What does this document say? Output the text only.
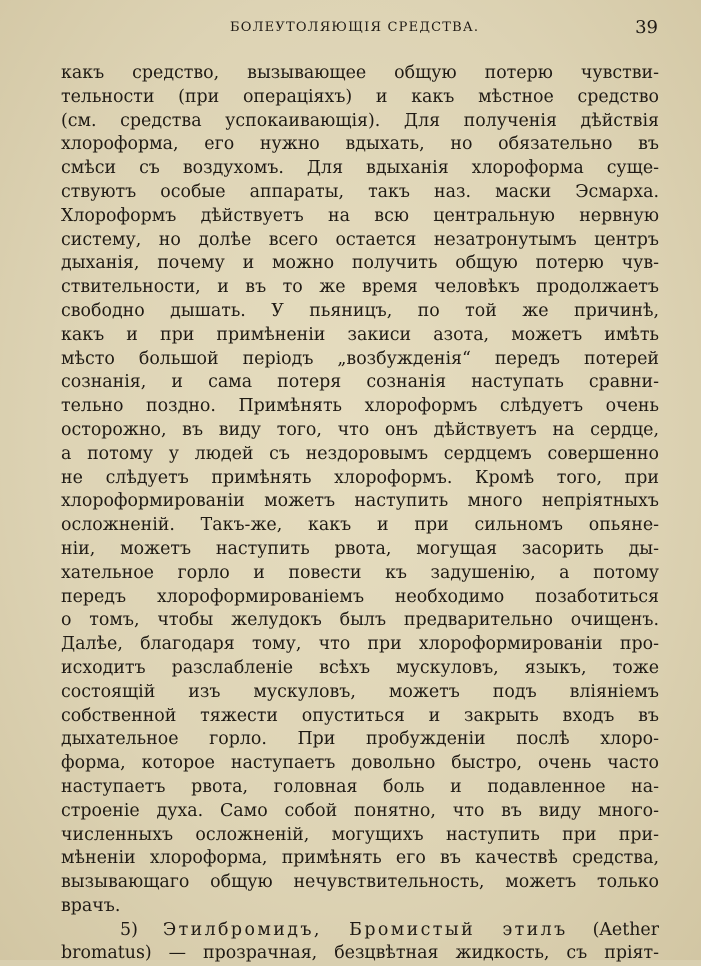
БОЛЕУТОЛЯЮЩІЯ СРЕДСТВА.	39
какъ средство, вызывающее общую потерю чувстви-
тельности (при операціяхъ) и какъ мѣстное средство
(см. средства успокаивающія). Для полученія дѣйствія
хлороформа, его нужно вдыхать, но обязательно въ
смѣси съ воздухомъ. Для вдыханія хлороформа суще-
ствуютъ особые аппараты, такъ наз. маски Эсмарха.
Хлороформъ дѣйствуетъ на всю центральную нервную
систему, но долѣе всего остается незатронутымъ центръ
дыханія, почему и можно получить общую потерю чув-
ствительности, и въ то же время человѣкъ продолжаетъ
свободно дышать. У пьяницъ, по той же причинѣ,
какъ и при примѣненіи закиси азота, можетъ имѣть
мѣсто большой періодъ „возбужденія“ передъ потерей
сознанія, и сама потеря сознанія наступать сравни-
тельно поздно. Примѣнять хлороформъ слѣдуетъ очень
осторожно, въ виду того, что онъ дѣйствуетъ на сердце,
а потому у людей съ нездоровымъ сердцемъ совершенно
не слѣдуетъ примѣнять хлороформъ. Кромѣ того, при
хлороформированіи можетъ наступить много непріятныхъ
осложненій. Такъ-же, какъ и при сильномъ опьяне-
ніи, можетъ наступить рвота, могущая засорить ды-
хательное горло и повести къ задушенію, а потому
передъ хлороформированіемъ необходимо позаботиться
о томъ, чтобы желудокъ былъ предварительно очищенъ.
Далѣе, благодаря тому, что при хлороформированіи про-
исходитъ разслабленіе всѣхъ мускуловъ, языкъ, тоже
состоящій изъ мускуловъ, можетъ подъ вліяніемъ
собственной тяжести опуститься и закрыть входъ въ
дыхательное горло. При пробужденіи послѣ хлоро-
форма, которое наступаетъ довольно быстро, очень часто
наступаетъ рвота, головная боль и подавленное на-
строеніе духа. Само собой понятно, что въ виду много-
численныхъ осложненій, могущихъ наступить при при-
мѣненіи хлороформа, примѣнять его въ качествѣ средства,
вызывающаго общую нечувствительность, можетъ только
врачъ.
5) Этилбромидъ, Бромистый этилъ (Aether
bromatus) — прозрачная, безцвѣтная жидкость, съ пріят-
